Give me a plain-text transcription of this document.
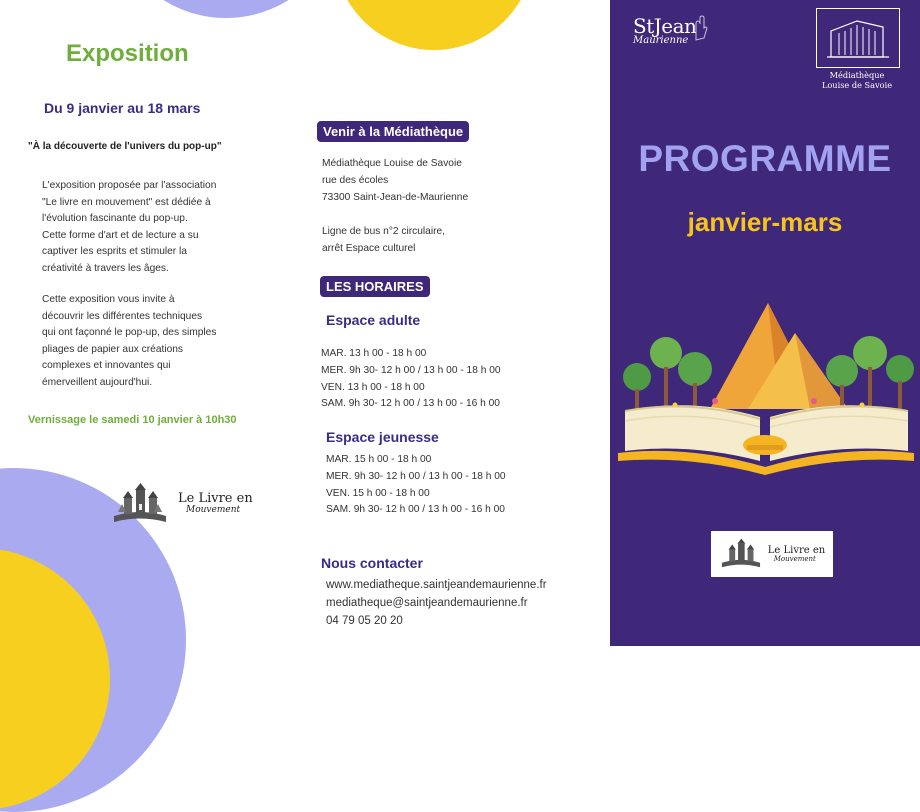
Exposition
Du 9 janvier au 18 mars
"À la découverte de l'univers du pop-up"
L'exposition proposée par l'association
"Le livre en mouvement" est dédiée à
l'évolution fascinante du pop-up.
Cette forme d'art et de lecture a su
captiver les esprits et stimuler la
créativité à travers les âges.
Cette exposition vous invite à
découvrir les différentes techniques
qui ont façonné le pop-up, des simples
pliages de papier aux créations
complexes et innovantes qui
émerveillent aujourd'hui.
Vernissage le samedi 10 janvier à 10h30
Le Livre en
Mouvement
Venir à la Médiathèque
Médiathèque Louise de Savoie
rue des écoles
73300 Saint-Jean-de-Maurienne
Ligne de bus n°2 circulaire,
arrêt Espace culturel
LES HORAIRES
Espace adulte
MAR. 13 h 00 - 18 h 00
MER. 9h 30- 12 h 00 / 13 h 00 - 18 h 00
VEN. 13 h 00 - 18 h 00
SAM. 9h 30- 12 h 00 / 13 h 00 - 16 h 00
Espace jeunesse
MAR. 15 h 00 - 18 h 00
MER. 9h 30- 12 h 00 / 13 h 00 - 18 h 00
VEN. 15 h 00 - 18 h 00
SAM. 9h 30- 12 h 00 / 13 h 00 - 16 h 00
Nous contacter
www.mediatheque.saintjeandemaurienne.fr
mediatheque@saintjeandemaurienne.fr
04 79 05 20 20
StJean
Maurienne
Médiathèque
Louise de Savoie
PROGRAMME
janvier-mars
Le Livre en
Mouvement
